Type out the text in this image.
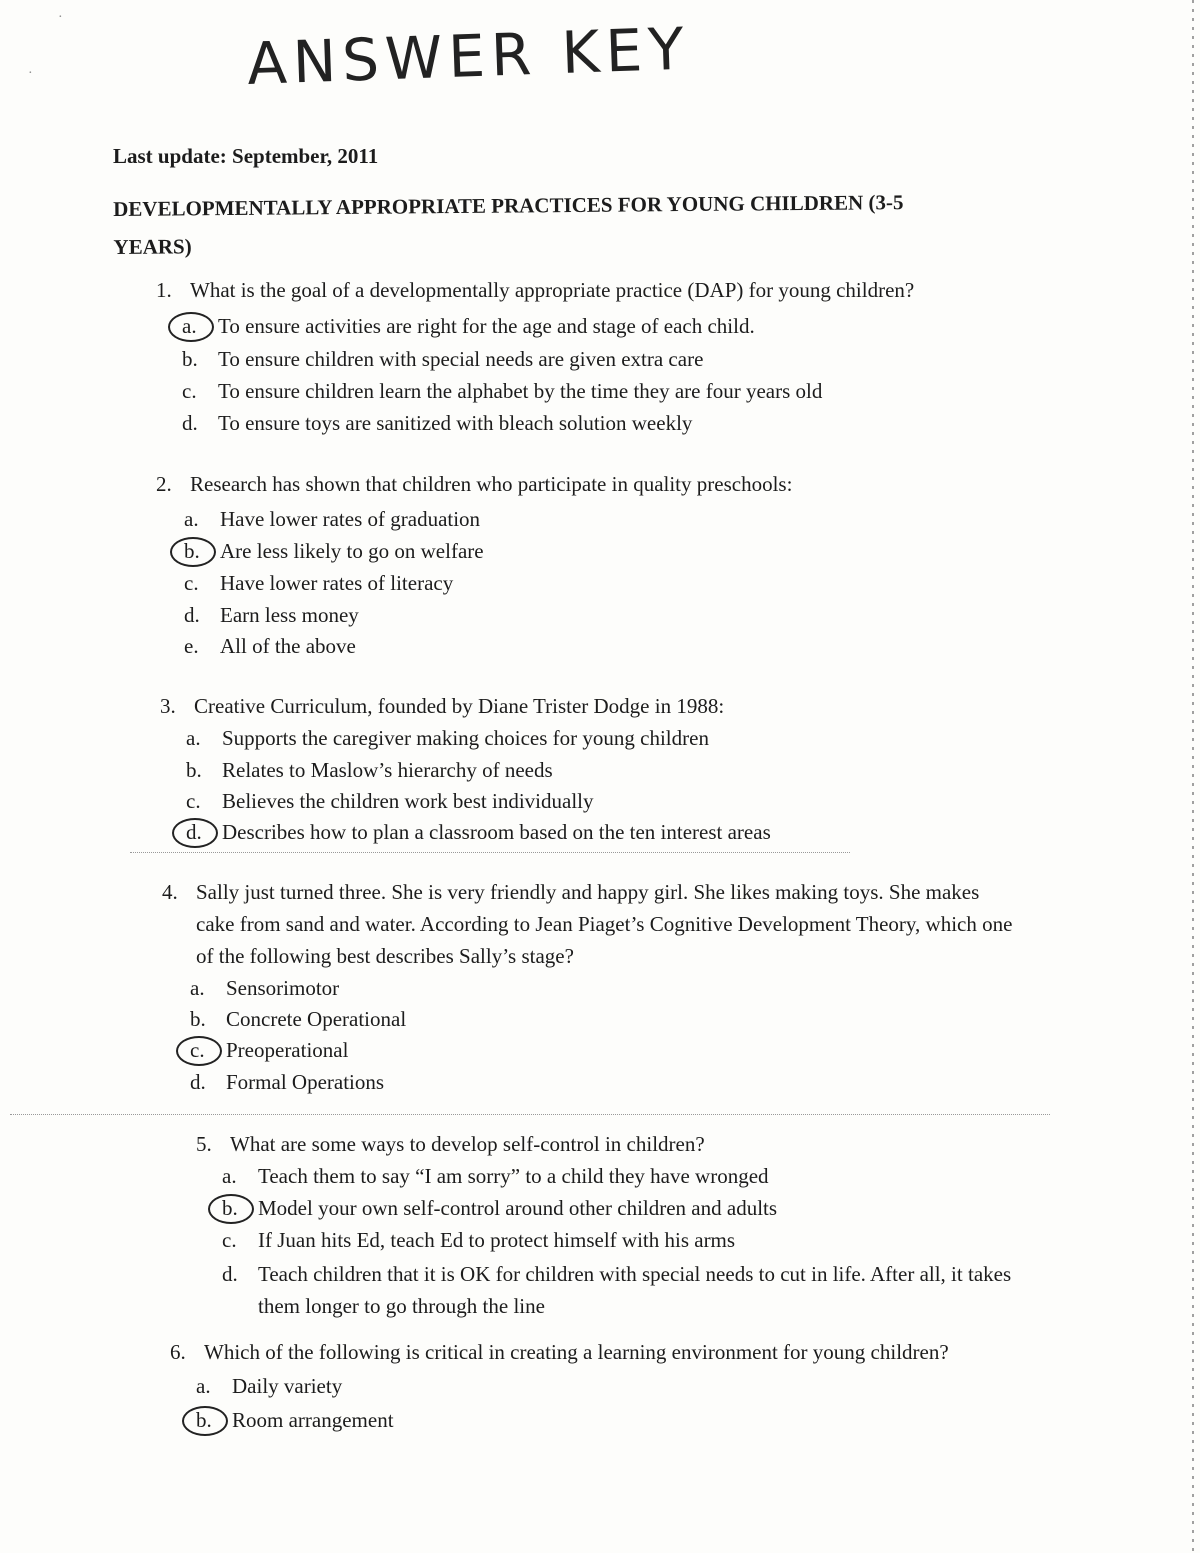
·
·	ANSWER KEY
Last update: September, 2011
DEVELOPMENTALLY APPROPRIATE PRACTICES FOR YOUNG CHILDREN (3-5 YEARS)
1. What is the goal of a developmentally appropriate practice (DAP) for young children?
a. To ensure activities are right for the age and stage of each child.
b. To ensure children with special needs are given extra care
c. To ensure children learn the alphabet by the time they are four years old
d. To ensure toys are sanitized with bleach solution weekly
2. Research has shown that children who participate in quality preschools:
a. Have lower rates of graduation
b. Are less likely to go on welfare
c. Have lower rates of literacy
d. Earn less money
e. All of the above
3. Creative Curriculum, founded by Diane Trister Dodge in 1988:
a. Supports the caregiver making choices for young children
b. Relates to Maslow’s hierarchy of needs
c. Believes the children work best individually
d. Describes how to plan a classroom based on the ten interest areas
4. Sally just turned three. She is very friendly and happy girl. She likes making toys. She makes cake from sand and water. According to Jean Piaget’s Cognitive Development Theory, which one of the following best describes Sally’s stage?
a. Sensorimotor
b. Concrete Operational
c. Preoperational
d. Formal Operations
5. What are some ways to develop self-control in children?
a. Teach them to say “I am sorry” to a child they have wronged
b. Model your own self-control around other children and adults
c. If Juan hits Ed, teach Ed to protect himself with his arms
d. Teach children that it is OK for children with special needs to cut in life. After all, it takes them longer to go through the line
6. Which of the following is critical in creating a learning environment for young children?
a. Daily variety
b. Room arrangement
